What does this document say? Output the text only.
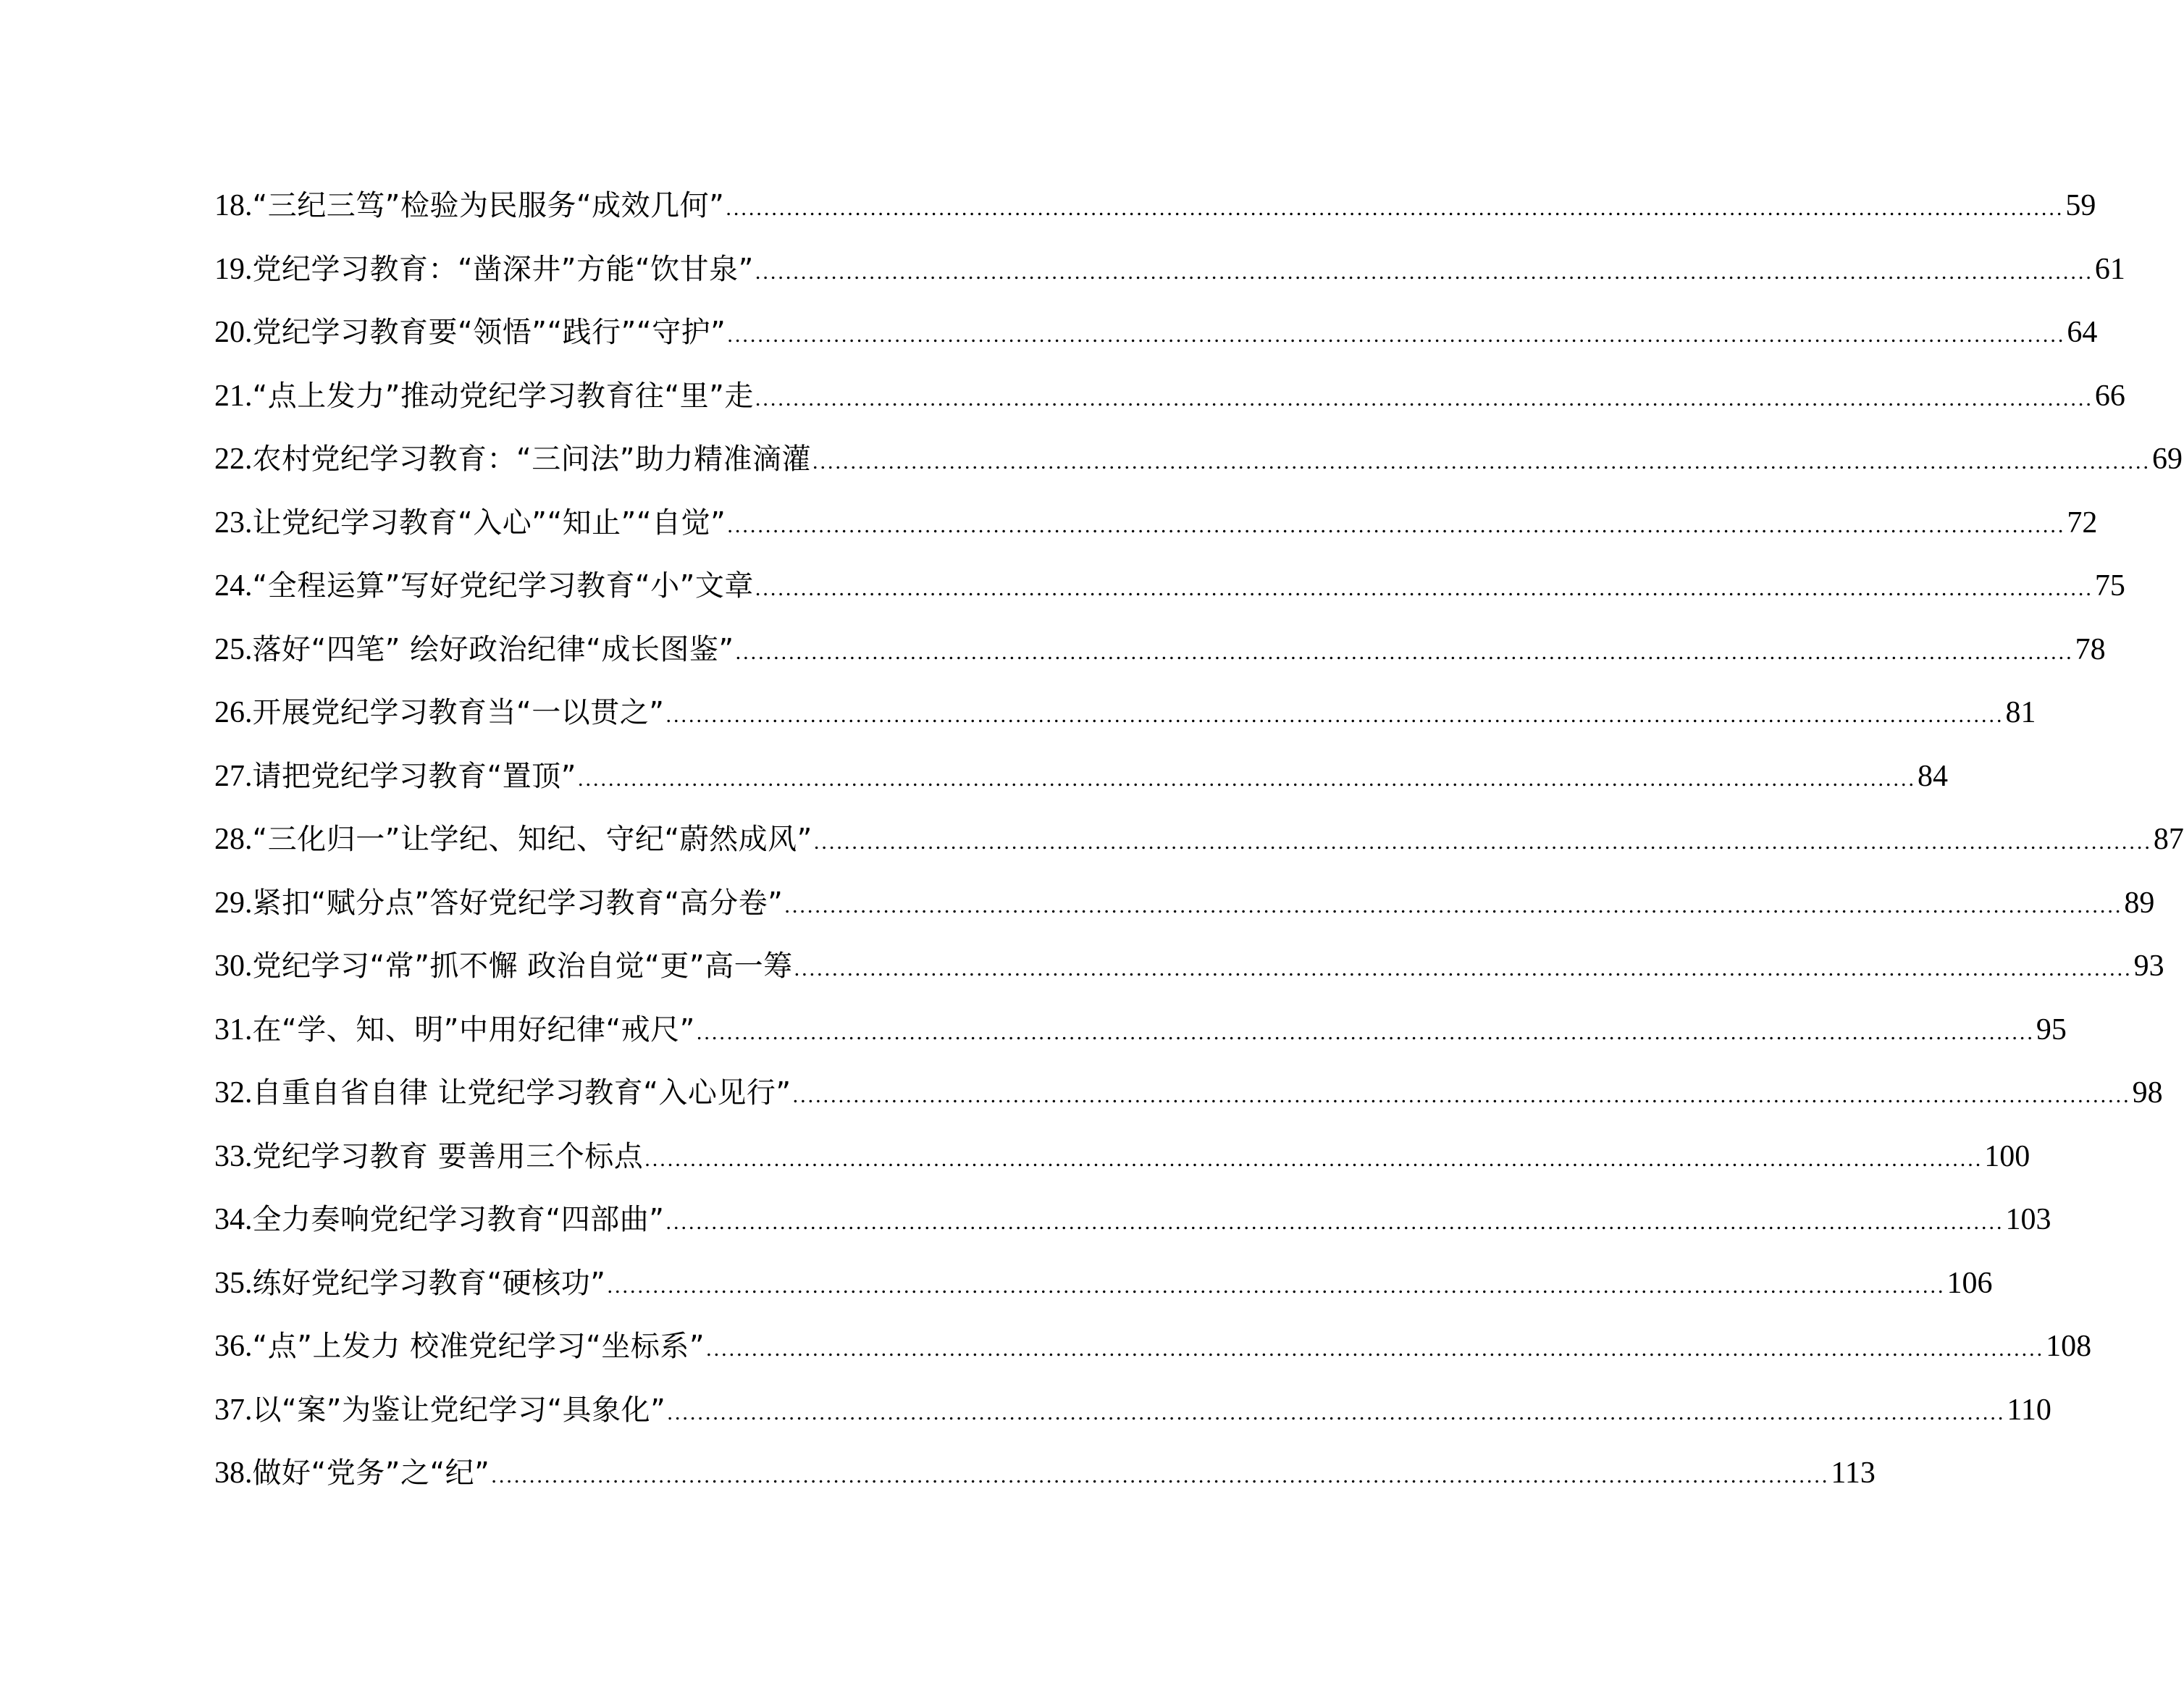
18. “三纪三笃”检验为民服务“成效几何” .....	59
19. 党纪学习教育：“凿深井”方能“饮甘泉” .....	61
20. 党纪学习教育要“领悟”“践行”“守护” .....	64
21. “点上发力”推动党纪学习教育往“里”走 .....	66
22. 农村党纪学习教育：“三问法”助力精准滴灌 .....	69
23. 让党纪学习教育“入心”“知止”“自觉” .....	72
24. “全程运算”写好党纪学习教育“小”文章 .....	75
25. 落好“四笔” 绘好政治纪律“成长图鉴” .....	78
26. 开展党纪学习教育当“一以贯之” .....	81
27. 请把党纪学习教育“置顶” .....	84
28. “三化归一”让学纪、知纪、守纪“蔚然成风” .....	87
29. 紧扣“赋分点”答好党纪学习教育“高分卷” .....	89
30. 党纪学习“常”抓不懈 政治自觉“更”高一筹 .....	93
31. 在“学、知、明”中用好纪律“戒尺” .....	95
32. 自重自省自律 让党纪学习教育“入心见行” .....	98
33. 党纪学习教育 要善用三个标点 .....	100
34. 全力奏响党纪学习教育“四部曲” .....	103
35. 练好党纪学习教育“硬核功” .....	106
36. “点”上发力 校准党纪学习“坐标系” .....	108
37. 以“案”为鉴让党纪学习“具象化” .....	110
38. 做好“党务”之“纪” .....	113
